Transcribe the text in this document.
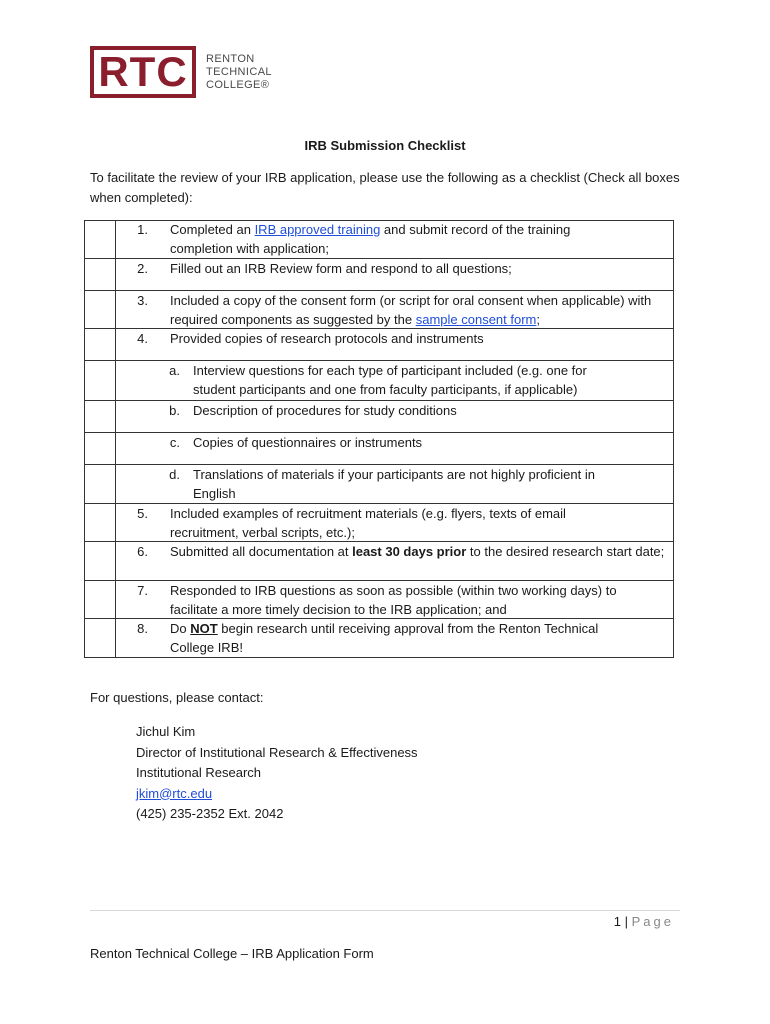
RTC	RENTON
TECHNICAL
COLLEGE®
IRB Submission Checklist
To facilitate the review of your IRB application, please use the following as a checklist (Check all boxes when completed):
1. Completed an IRB approved training and submit record of the training completion with application;
2. Filled out an IRB Review form and respond to all questions;
3. Included a copy of the consent form (or script for oral consent when applicable) with required components as suggested by the sample consent form;
4. Provided copies of research protocols and instruments
a. Interview questions for each type of participant included (e.g. one for student participants and one from faculty participants, if applicable)
b. Description of procedures for study conditions
c. Copies of questionnaires or instruments
d. Translations of materials if your participants are not highly proficient in English
5. Included examples of recruitment materials (e.g. flyers, texts of email recruitment, verbal scripts, etc.);
6. Submitted all documentation at least 30 days prior to the desired research start date;
7. Responded to IRB questions as soon as possible (within two working days) to facilitate a more timely decision to the IRB application; and
8. Do NOT begin research until receiving approval from the Renton Technical College IRB!
For questions, please contact:
Jichul Kim
Director of Institutional Research & Effectiveness
Institutional Research
jkim@rtc.edu
(425) 235-2352 Ext. 2042
1 | Page
Renton Technical College – IRB Application Form
